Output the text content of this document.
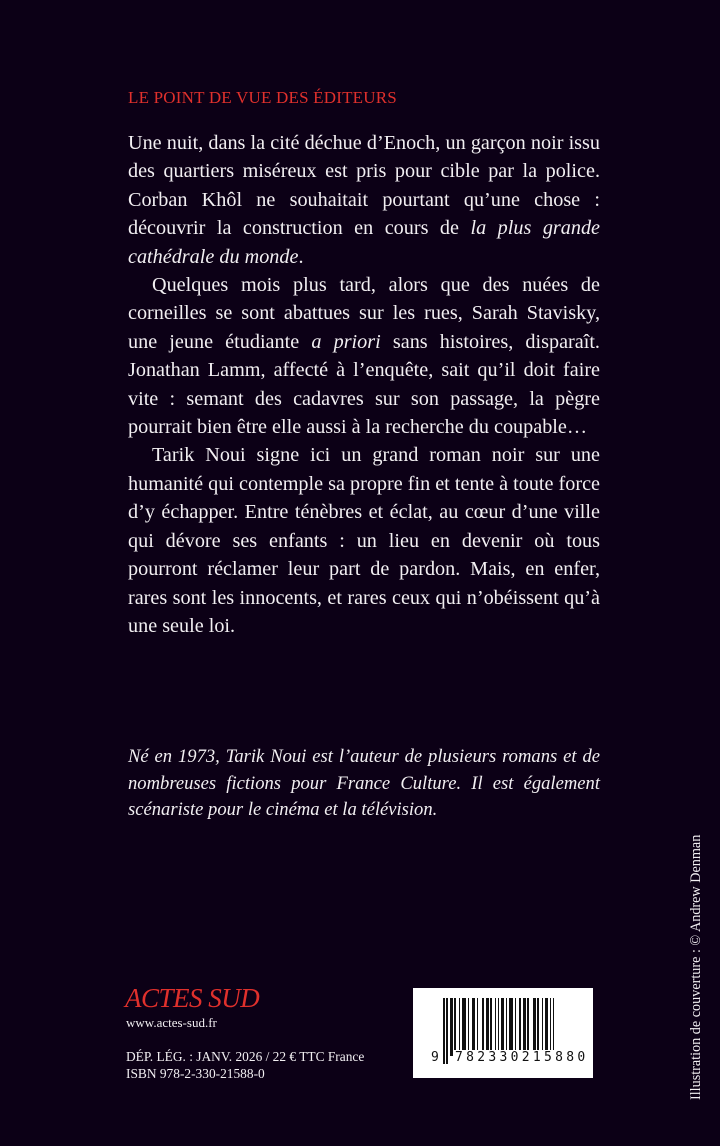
LE POINT DE VUE DES ÉDITEURS

Une nuit, dans la cité déchue d’Enoch, un garçon noir issu des quartiers miséreux est pris pour cible par la police. Corban Khôl ne souhaitait pourtant qu’une chose : découvrir la construction en cours de la plus grande cathédrale du monde.

Quelques mois plus tard, alors que des nuées de corneilles se sont abattues sur les rues, Sarah Stavisky, une jeune étudiante a priori sans histoires, disparaît. Jonathan Lamm, affecté à l’enquête, sait qu’il doit faire vite : semant des cadavres sur son passage, la pègre pourrait bien être elle aussi à la recherche du coupable…

Tarik Noui signe ici un grand roman noir sur une humanité qui contemple sa propre fin et tente à toute force d’y échapper. Entre ténèbres et éclat, au cœur d’une ville qui dévore ses enfants : un lieu en devenir où tous pourront réclamer leur part de pardon. Mais, en enfer, rares sont les innocents, et rares ceux qui n’obéissent qu’à une seule loi.

Né en 1973, Tarik Noui est l’auteur de plusieurs romans et de nombreuses fictions pour France Culture. Il est également scénariste pour le cinéma et la télévision.
ACTES SUD
www.actes-sud.fr
DÉP. LÉG. : JANV. 2026 / 22 € TTC France
ISBN 978-2-330-21588-0
9 782330215880	Illustration de couverture : © Andrew Denman
